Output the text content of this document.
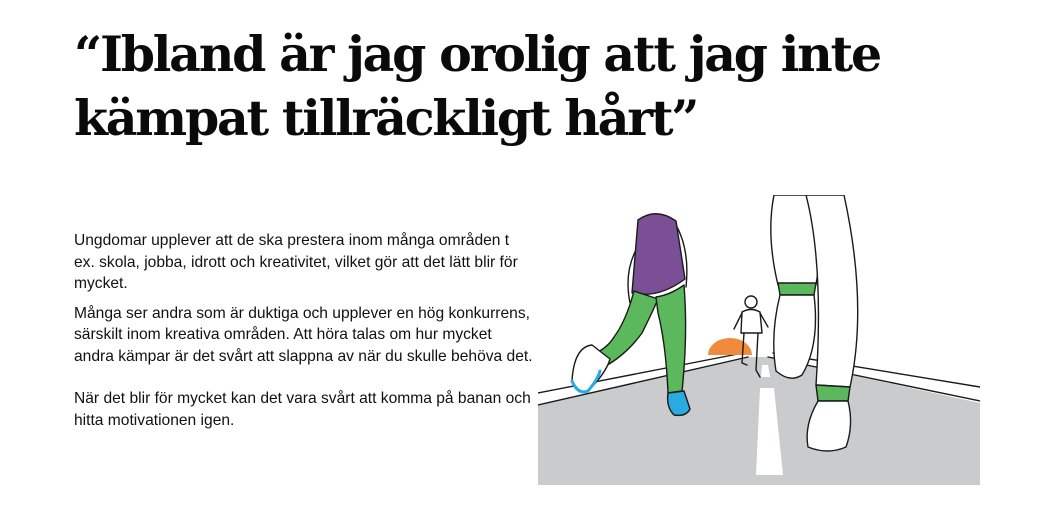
“Ibland är jag orolig att jag inte
kämpat tillräckligt hårt”

Ungdomar upplever att de ska prestera inom många områden t ex. skola, jobba, idrott och kreativitet, vilket gör att det lätt blir för mycket.

Många ser andra som är duktiga och upplever en hög konkurrens, särskilt inom kreativa områden. Att höra talas om hur mycket andra kämpar är det svårt att slappna av när du skulle behöva det.

När det blir för mycket kan det vara svårt att komma på banan och hitta motivationen igen.
